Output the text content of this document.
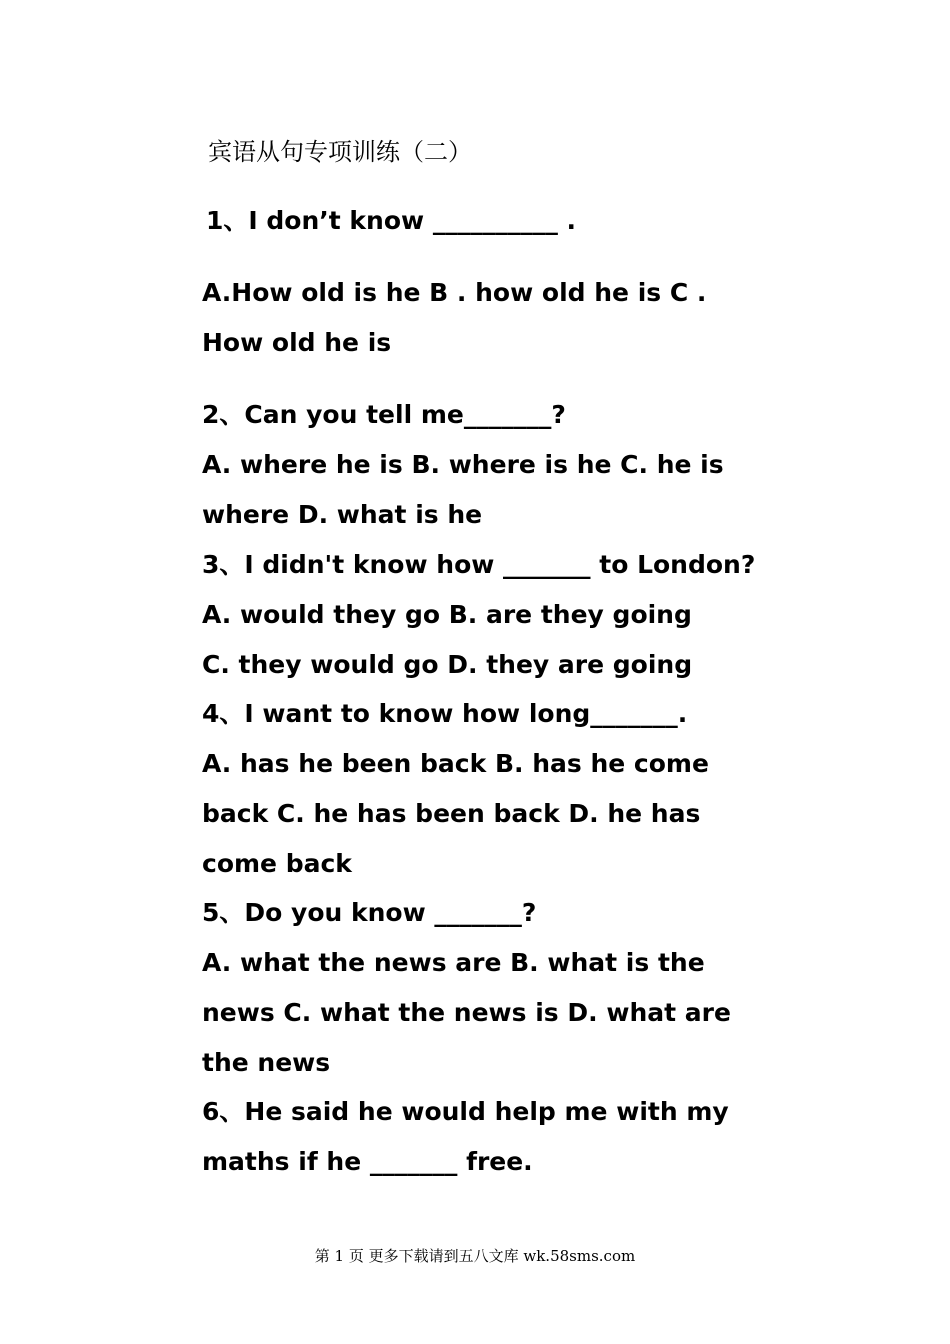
宾语从句专项训练（二）
1、I don’t know __________ .
A.How old is he B . how old he is C .
How old he is
2、Can you tell me_______?
A. where he is B. where is he C. he is
where D. what is he
3、I didn't know how _______ to London?
A. would they go B. are they going
C. they would go D. they are going
4、I want to know how long_______.
A. has he been back B. has he come
back C. he has been back D. he has
come back
5、Do you know _______?
A. what the news are B. what is the
news C. what the news is D. what are
the news
6、He said he would help me with my
maths if he _______ free.
第 1 页 更多下载请到五八文库 wk.58sms.com
